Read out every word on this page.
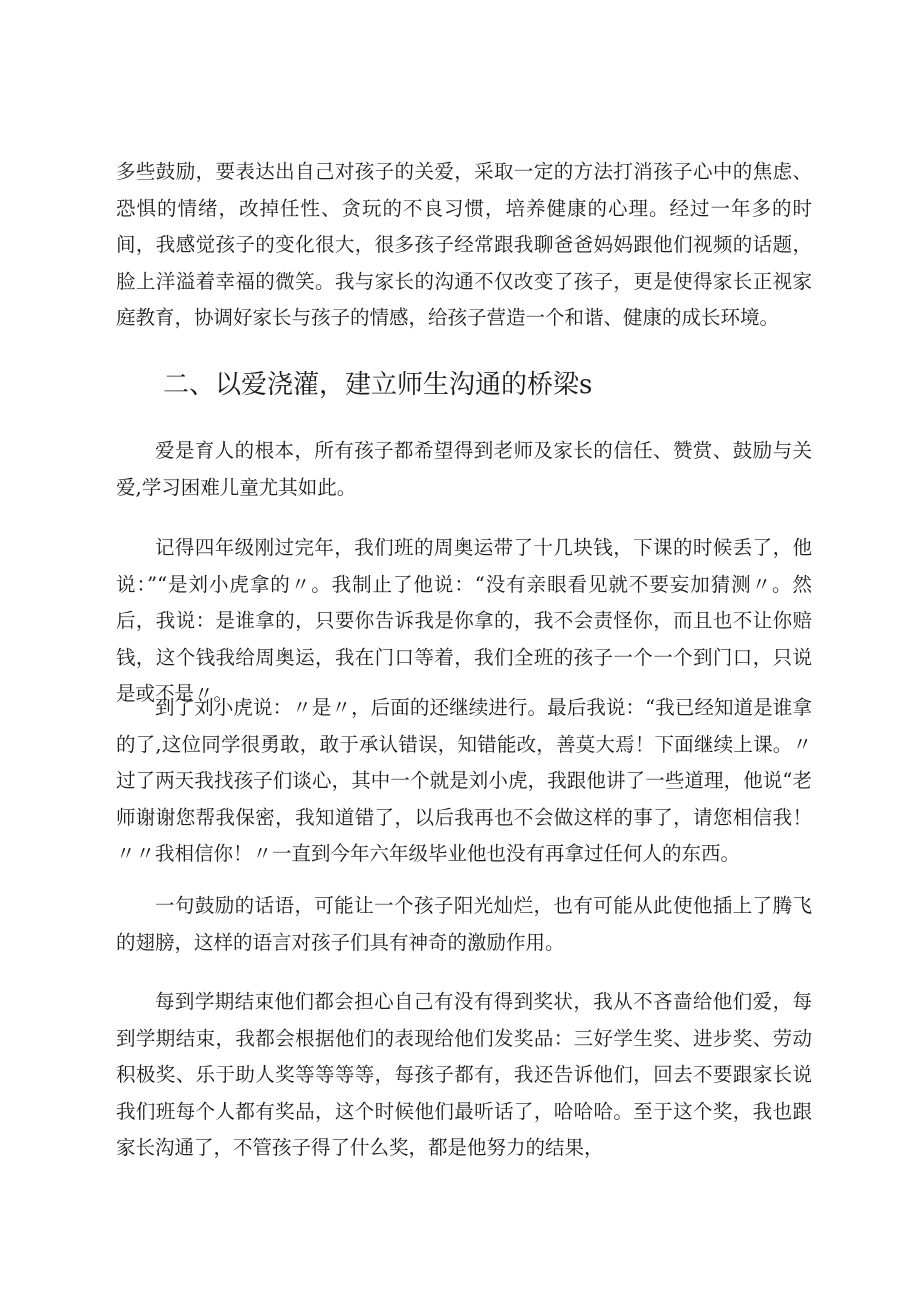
多些鼓励，要表达出自己对孩子的关爱，采取一定的方法打消孩子心中的焦虑、恐惧的情绪，改掉任性、贪玩的不良习惯，培养健康的心理。经过一年多的时间，我感觉孩子的变化很大，很多孩子经常跟我聊爸爸妈妈跟他们视频的话题，脸上洋溢着幸福的微笑。我与家长的沟通不仅改变了孩子，更是使得家长正视家庭教育，协调好家长与孩子的情感，给孩子营造一个和谐、健康的成长环境。

二、以爱浇灌，建立师生沟通的桥梁s

爱是育人的根本，所有孩子都希望得到老师及家长的信任、赞赏、鼓励与关爱,学习困难儿童尤其如此。

记得四年级刚过完年，我们班的周奥运带了十几块钱，下课的时候丢了，他说：”“是刘小虎拿的〃。我制止了他说：“没有亲眼看见就不要妄加猜测〃。然后，我说：是谁拿的，只要你告诉我是你拿的，我不会责怪你，而且也不让你赔钱，这个钱我给周奥运，我在门口等着，我们全班的孩子一个一个到门口，只说是或不是〃。

到了刘小虎说：〃是〃，后面的还继续进行。最后我说：“我已经知道是谁拿的了,这位同学很勇敢，敢于承认错误，知错能改，善莫大焉！下面继续上课。〃过了两天我找孩子们谈心，其中一个就是刘小虎，我跟他讲了一些道理，他说“老师谢谢您帮我保密，我知道错了，以后我再也不会做这样的事了，请您相信我！〃〃我相信你！〃一直到今年六年级毕业他也没有再拿过任何人的东西。

一句鼓励的话语，可能让一个孩子阳光灿烂，也有可能从此使他插上了腾飞的翅膀，这样的语言对孩子们具有神奇的激励作用。

每到学期结束他们都会担心自己有没有得到奖状，我从不吝啬给他们爱，每到学期结束，我都会根据他们的表现给他们发奖品：三好学生奖、进步奖、劳动积极奖、乐于助人奖等等等等，每孩子都有，我还告诉他们，回去不要跟家长说我们班每个人都有奖品，这个时候他们最听话了，哈哈哈。至于这个奖，我也跟家长沟通了，不管孩子得了什么奖，都是他努力的结果，
